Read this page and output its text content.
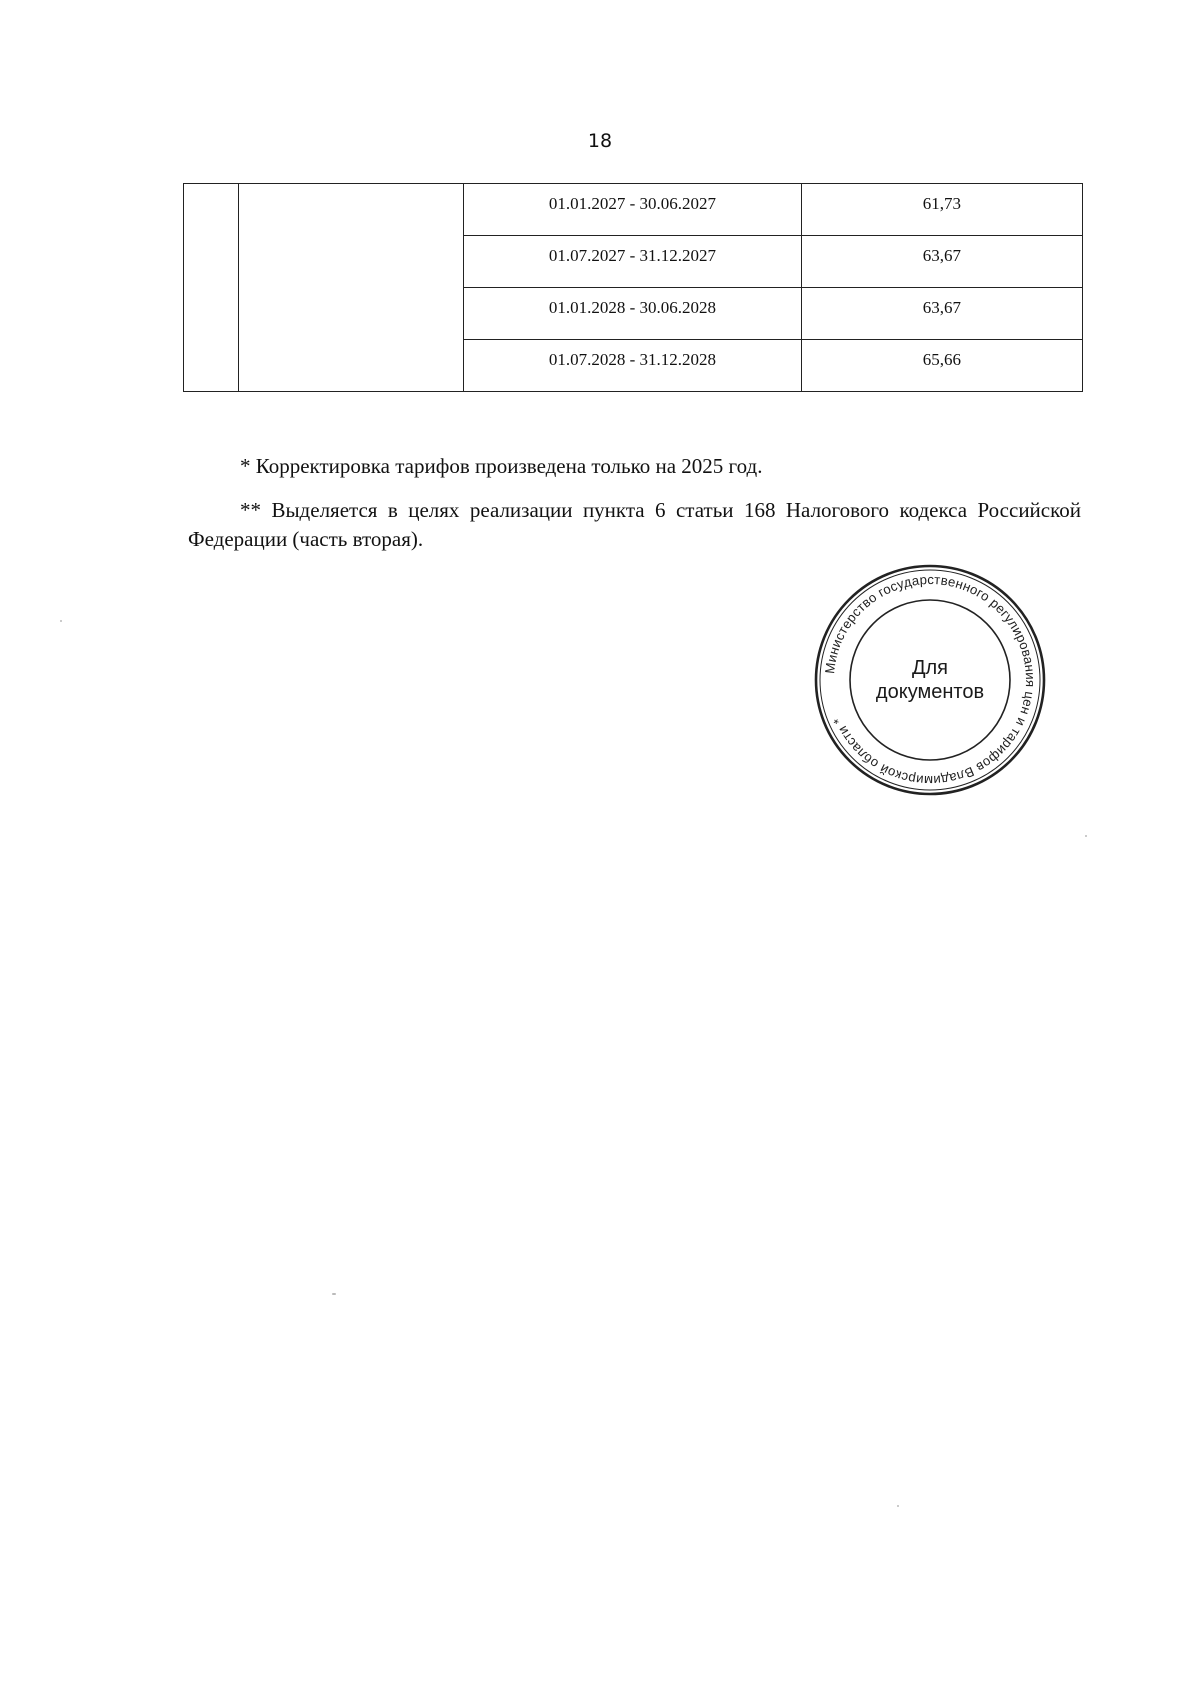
18

		01.01.2027 - 30.06.2027	61,73

		01.07.2027 - 31.12.2027	63,67

		01.01.2028 - 30.06.2028	63,67

		01.07.2028 - 31.12.2028	65,66

* Корректировка тарифов произведена только на 2025 год.

** Выделяется в целях реализации пункта 6 статьи 168 Налогового кодекса Российской Федерации (часть вторая).

Министерство государственного регулирования цен и тарифов Владимирской области *
Для
документов
